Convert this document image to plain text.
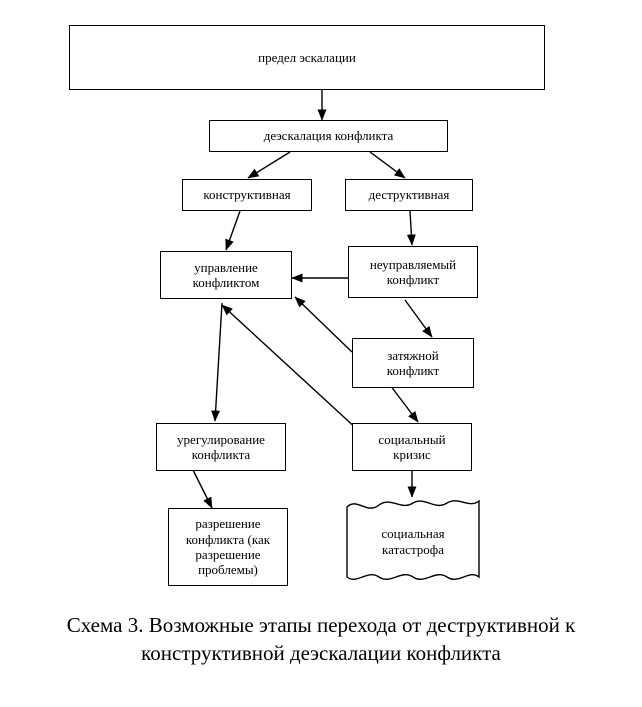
предел эскалации
деэскалация конфликта
конструктивная	деструктивная
управление
конфликтом
неуправляемый
конфликт
затяжной
конфликт
урегулирование
конфликта
социальный
кризис
разрешение
конфликта (как
разрешение
проблемы)
социальная
катастрофа
Схема 3. Возможные этапы перехода от деструктивной к
конструктивной деэскалации конфликта
